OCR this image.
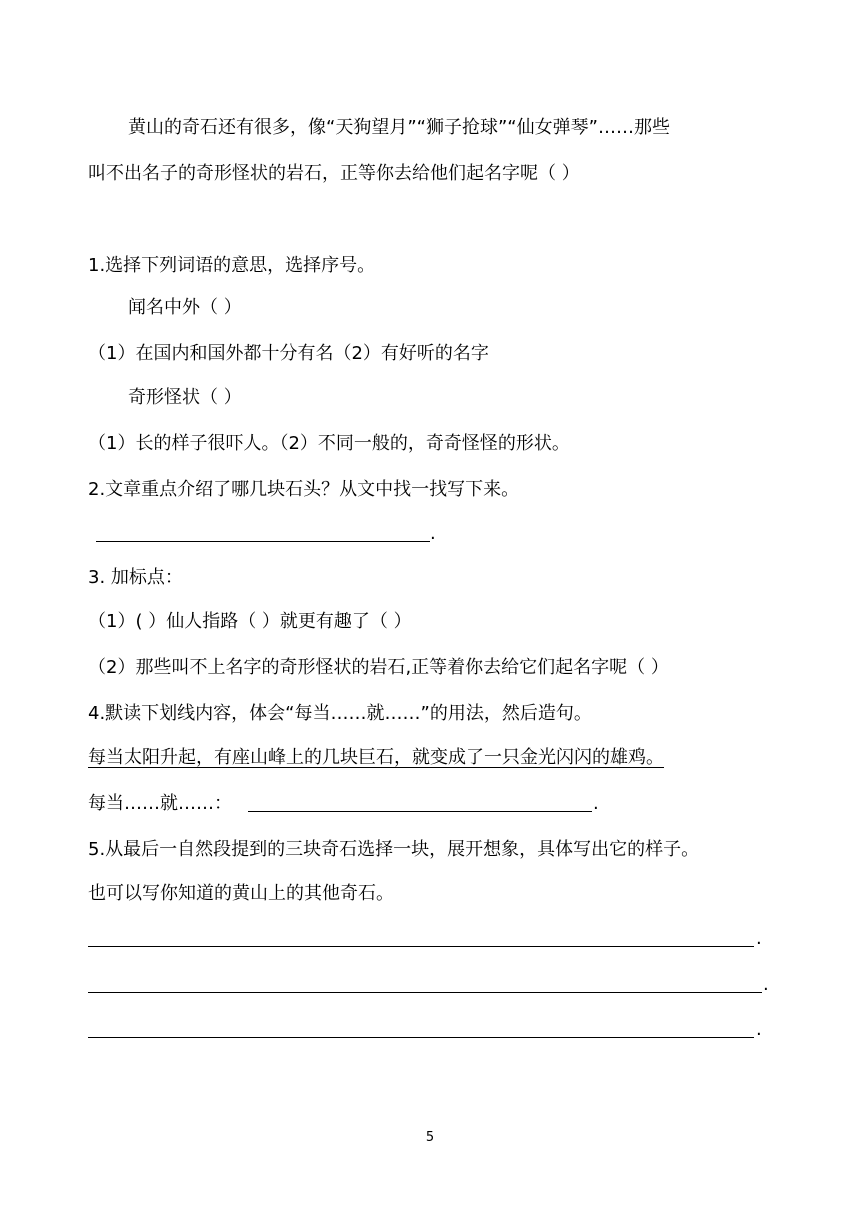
黄山的奇石还有很多，像“天狗望月”“狮子抢球”“仙女弹琴”……那些
叫不出名子的奇形怪状的岩石，正等你去给他们起名字呢（ ）
1.选择下列词语的意思，选择序号。
闻名中外（ ）
（1）在国内和国外都十分有名（2）有好听的名字
奇形怪状（ ）
（1）长的样子很吓人。（2）不同一般的，奇奇怪怪的形状。
2.文章重点介绍了哪几块石头？从文中找一找写下来。
.
3. 加标点：
（1）( ）仙人指路（ ）就更有趣了（ ）
（2）那些叫不上名字的奇形怪状的岩石,正等着你去给它们起名字呢（ ）
4.默读下划线内容，体会“每当……就……”的用法，然后造句。
每当太阳升起，有座山峰上的几块巨石，就变成了一只金光闪闪的雄鸡。
每当……就……：	.
5.从最后一自然段提到的三块奇石选择一块，展开想象，具体写出它的样子。
也可以写你知道的黄山上的其他奇石。
.
.
.
5
